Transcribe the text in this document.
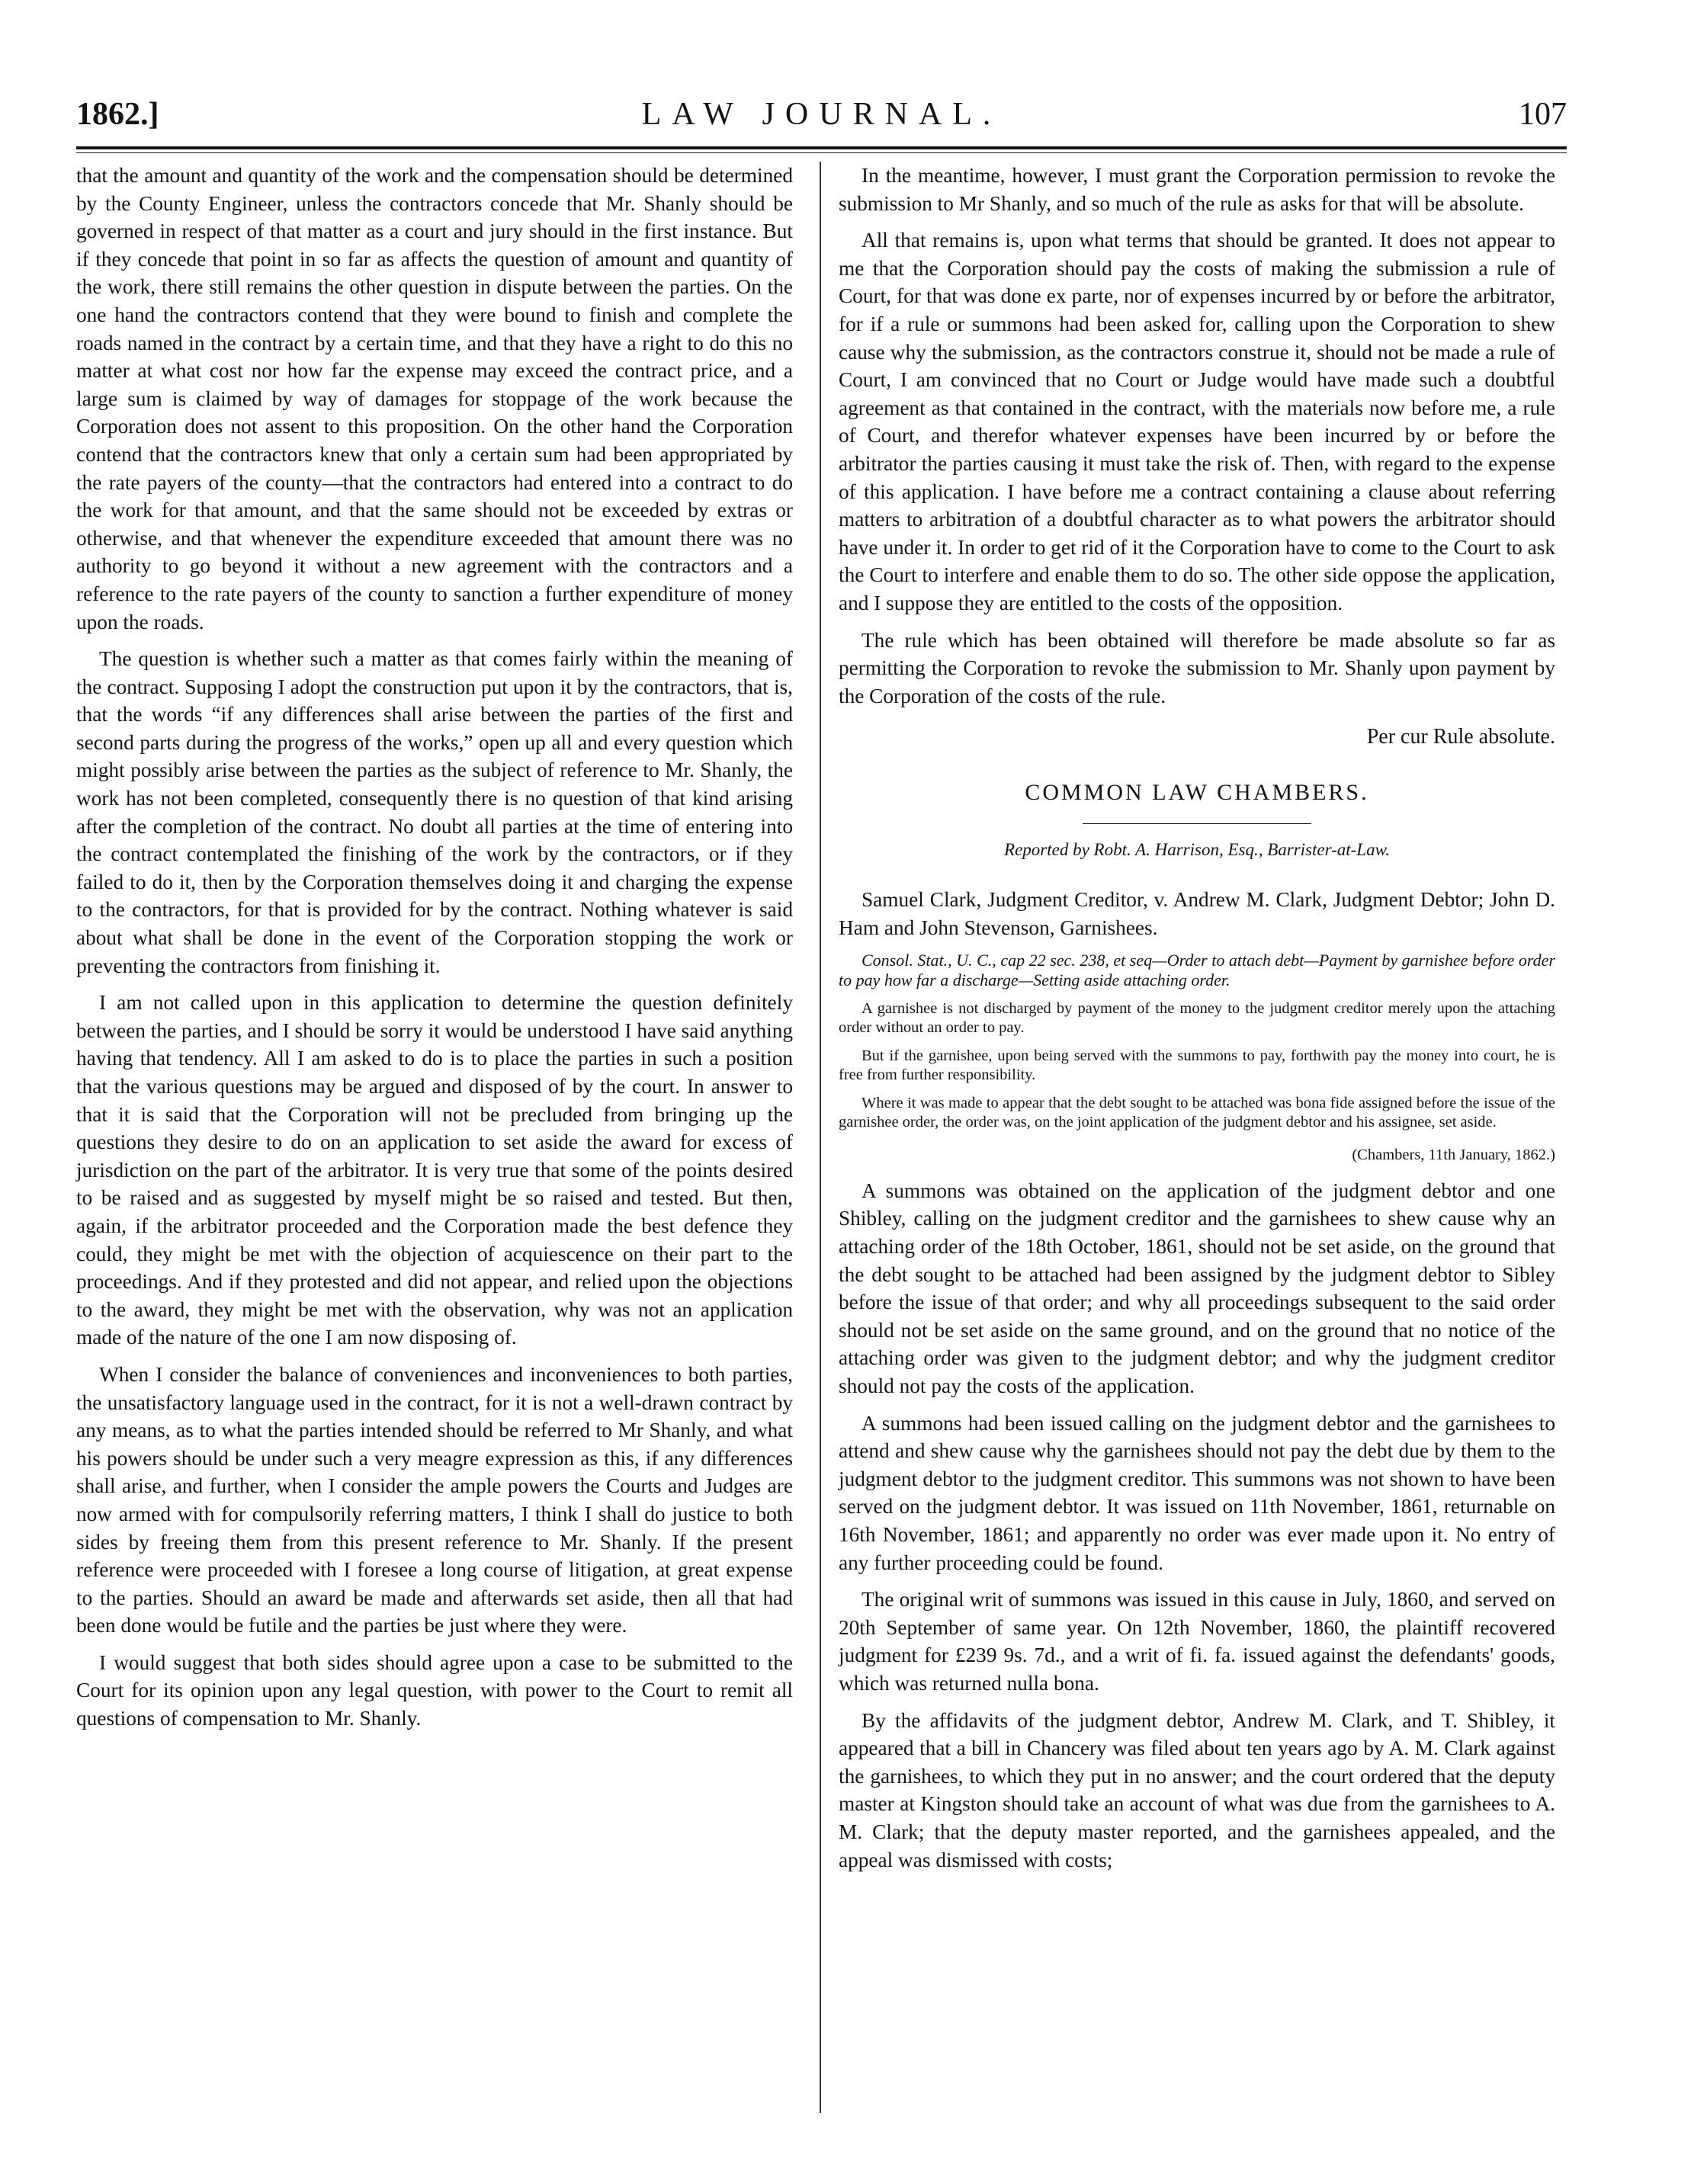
1862.]	LAW JOURNAL.	107

that the amount and quantity of the work and the compensation should be determined by the County Engineer, unless the contractors concede that Mr. Shanly should be governed in respect of that matter as a court and jury should in the first instance. But if they concede that point in so far as affects the question of amount and quantity of the work, there still remains the other question in dispute between the parties. On the one hand the contractors contend that they were bound to finish and complete the roads named in the contract by a certain time, and that they have a right to do this no matter at what cost nor how far the expense may exceed the contract price, and a large sum is claimed by way of damages for stoppage of the work because the Corporation does not assent to this proposition. On the other hand the Corporation contend that the contractors knew that only a certain sum had been appropriated by the rate payers of the county—that the contractors had entered into a contract to do the work for that amount, and that the same should not be exceeded by extras or otherwise, and that whenever the expenditure exceeded that amount there was no authority to go beyond it without a new agreement with the contractors and a reference to the rate payers of the county to sanction a further expenditure of money upon the roads.

The question is whether such a matter as that comes fairly within the meaning of the contract. Supposing I adopt the construction put upon it by the contractors, that is, that the words “if any differences shall arise between the parties of the first and second parts during the progress of the works,” open up all and every question which might possibly arise between the parties as the subject of reference to Mr. Shanly, the work has not been completed, consequently there is no question of that kind arising after the completion of the contract. No doubt all parties at the time of entering into the contract contemplated the finishing of the work by the contractors, or if they failed to do it, then by the Corporation themselves doing it and charging the expense to the contractors, for that is provided for by the contract. Nothing whatever is said about what shall be done in the event of the Corporation stopping the work or preventing the contractors from finishing it.

I am not called upon in this application to determine the question definitely between the parties, and I should be sorry it would be understood I have said anything having that tendency. All I am asked to do is to place the parties in such a position that the various questions may be argued and disposed of by the court. In answer to that it is said that the Corporation will not be precluded from bringing up the questions they desire to do on an application to set aside the award for excess of jurisdiction on the part of the arbitrator. It is very true that some of the points desired to be raised and as suggested by myself might be so raised and tested. But then, again, if the arbitrator proceeded and the Corporation made the best defence they could, they might be met with the objection of acquiescence on their part to the proceedings. And if they protested and did not appear, and relied upon the objections to the award, they might be met with the observation, why was not an application made of the nature of the one I am now disposing of.

When I consider the balance of conveniences and inconveniences to both parties, the unsatisfactory language used in the contract, for it is not a well-drawn contract by any means, as to what the parties intended should be referred to Mr Shanly, and what his powers should be under such a very meagre expression as this, if any differences shall arise, and further, when I consider the ample powers the Courts and Judges are now armed with for compulsorily referring matters, I think I shall do justice to both sides by freeing them from this present reference to Mr. Shanly. If the present reference were proceeded with I foresee a long course of litigation, at great expense to the parties. Should an award be made and afterwards set aside, then all that had been done would be futile and the parties be just where they were.

I would suggest that both sides should agree upon a case to be submitted to the Court for its opinion upon any legal question, with power to the Court to remit all questions of compensation to Mr. Shanly.

In the meantime, however, I must grant the Corporation permission to revoke the submission to Mr Shanly, and so much of the rule as asks for that will be absolute.

All that remains is, upon what terms that should be granted. It does not appear to me that the Corporation should pay the costs of making the submission a rule of Court, for that was done ex parte, nor of expenses incurred by or before the arbitrator, for if a rule or summons had been asked for, calling upon the Corporation to shew cause why the submission, as the contractors construe it, should not be made a rule of Court, I am convinced that no Court or Judge would have made such a doubtful agreement as that contained in the contract, with the materials now before me, a rule of Court, and therefor whatever expenses have been incurred by or before the arbitrator the parties causing it must take the risk of. Then, with regard to the expense of this application. I have before me a contract containing a clause about referring matters to arbitration of a doubtful character as to what powers the arbitrator should have under it. In order to get rid of it the Corporation have to come to the Court to ask the Court to interfere and enable them to do so. The other side oppose the application, and I suppose they are entitled to the costs of the opposition.

The rule which has been obtained will therefore be made absolute so far as permitting the Corporation to revoke the submission to Mr. Shanly upon payment by the Corporation of the costs of the rule.

Per cur Rule absolute.
COMMON LAW CHAMBERS.
Reported by Robt. A. Harrison, Esq., Barrister-at-Law.

Samuel Clark, Judgment Creditor, v. Andrew M. Clark, Judgment Debtor; John D. Ham and John Stevenson, Garnishees.

Consol. Stat., U. C., cap 22 sec. 238, et seq—Order to attach debt—Payment by garnishee before order to pay how far a discharge—Setting aside attaching order.

A garnishee is not discharged by payment of the money to the judgment creditor merely upon the attaching order without an order to pay.

But if the garnishee, upon being served with the summons to pay, forthwith pay the money into court, he is free from further responsibility.

Where it was made to appear that the debt sought to be attached was bona fide assigned before the issue of the garnishee order, the order was, on the joint application of the judgment debtor and his assignee, set aside.

(Chambers, 11th January, 1862.)

A summons was obtained on the application of the judgment debtor and one Shibley, calling on the judgment creditor and the garnishees to shew cause why an attaching order of the 18th October, 1861, should not be set aside, on the ground that the debt sought to be attached had been assigned by the judgment debtor to Sibley before the issue of that order; and why all proceedings subsequent to the said order should not be set aside on the same ground, and on the ground that no notice of the attaching order was given to the judgment debtor; and why the judgment creditor should not pay the costs of the application.

A summons had been issued calling on the judgment debtor and the garnishees to attend and shew cause why the garnishees should not pay the debt due by them to the judgment debtor to the judgment creditor. This summons was not shown to have been served on the judgment debtor. It was issued on 11th November, 1861, returnable on 16th November, 1861; and apparently no order was ever made upon it. No entry of any further proceeding could be found.

The original writ of summons was issued in this cause in July, 1860, and served on 20th September of same year. On 12th November, 1860, the plaintiff recovered judgment for £239 9s. 7d., and a writ of fi. fa. issued against the defendants' goods, which was returned nulla bona.

By the affidavits of the judgment debtor, Andrew M. Clark, and T. Shibley, it appeared that a bill in Chancery was filed about ten years ago by A. M. Clark against the garnishees, to which they put in no answer; and the court ordered that the deputy master at Kingston should take an account of what was due from the garnishees to A. M. Clark; that the deputy master reported, and the garnishees appealed, and the appeal was dismissed with costs;
